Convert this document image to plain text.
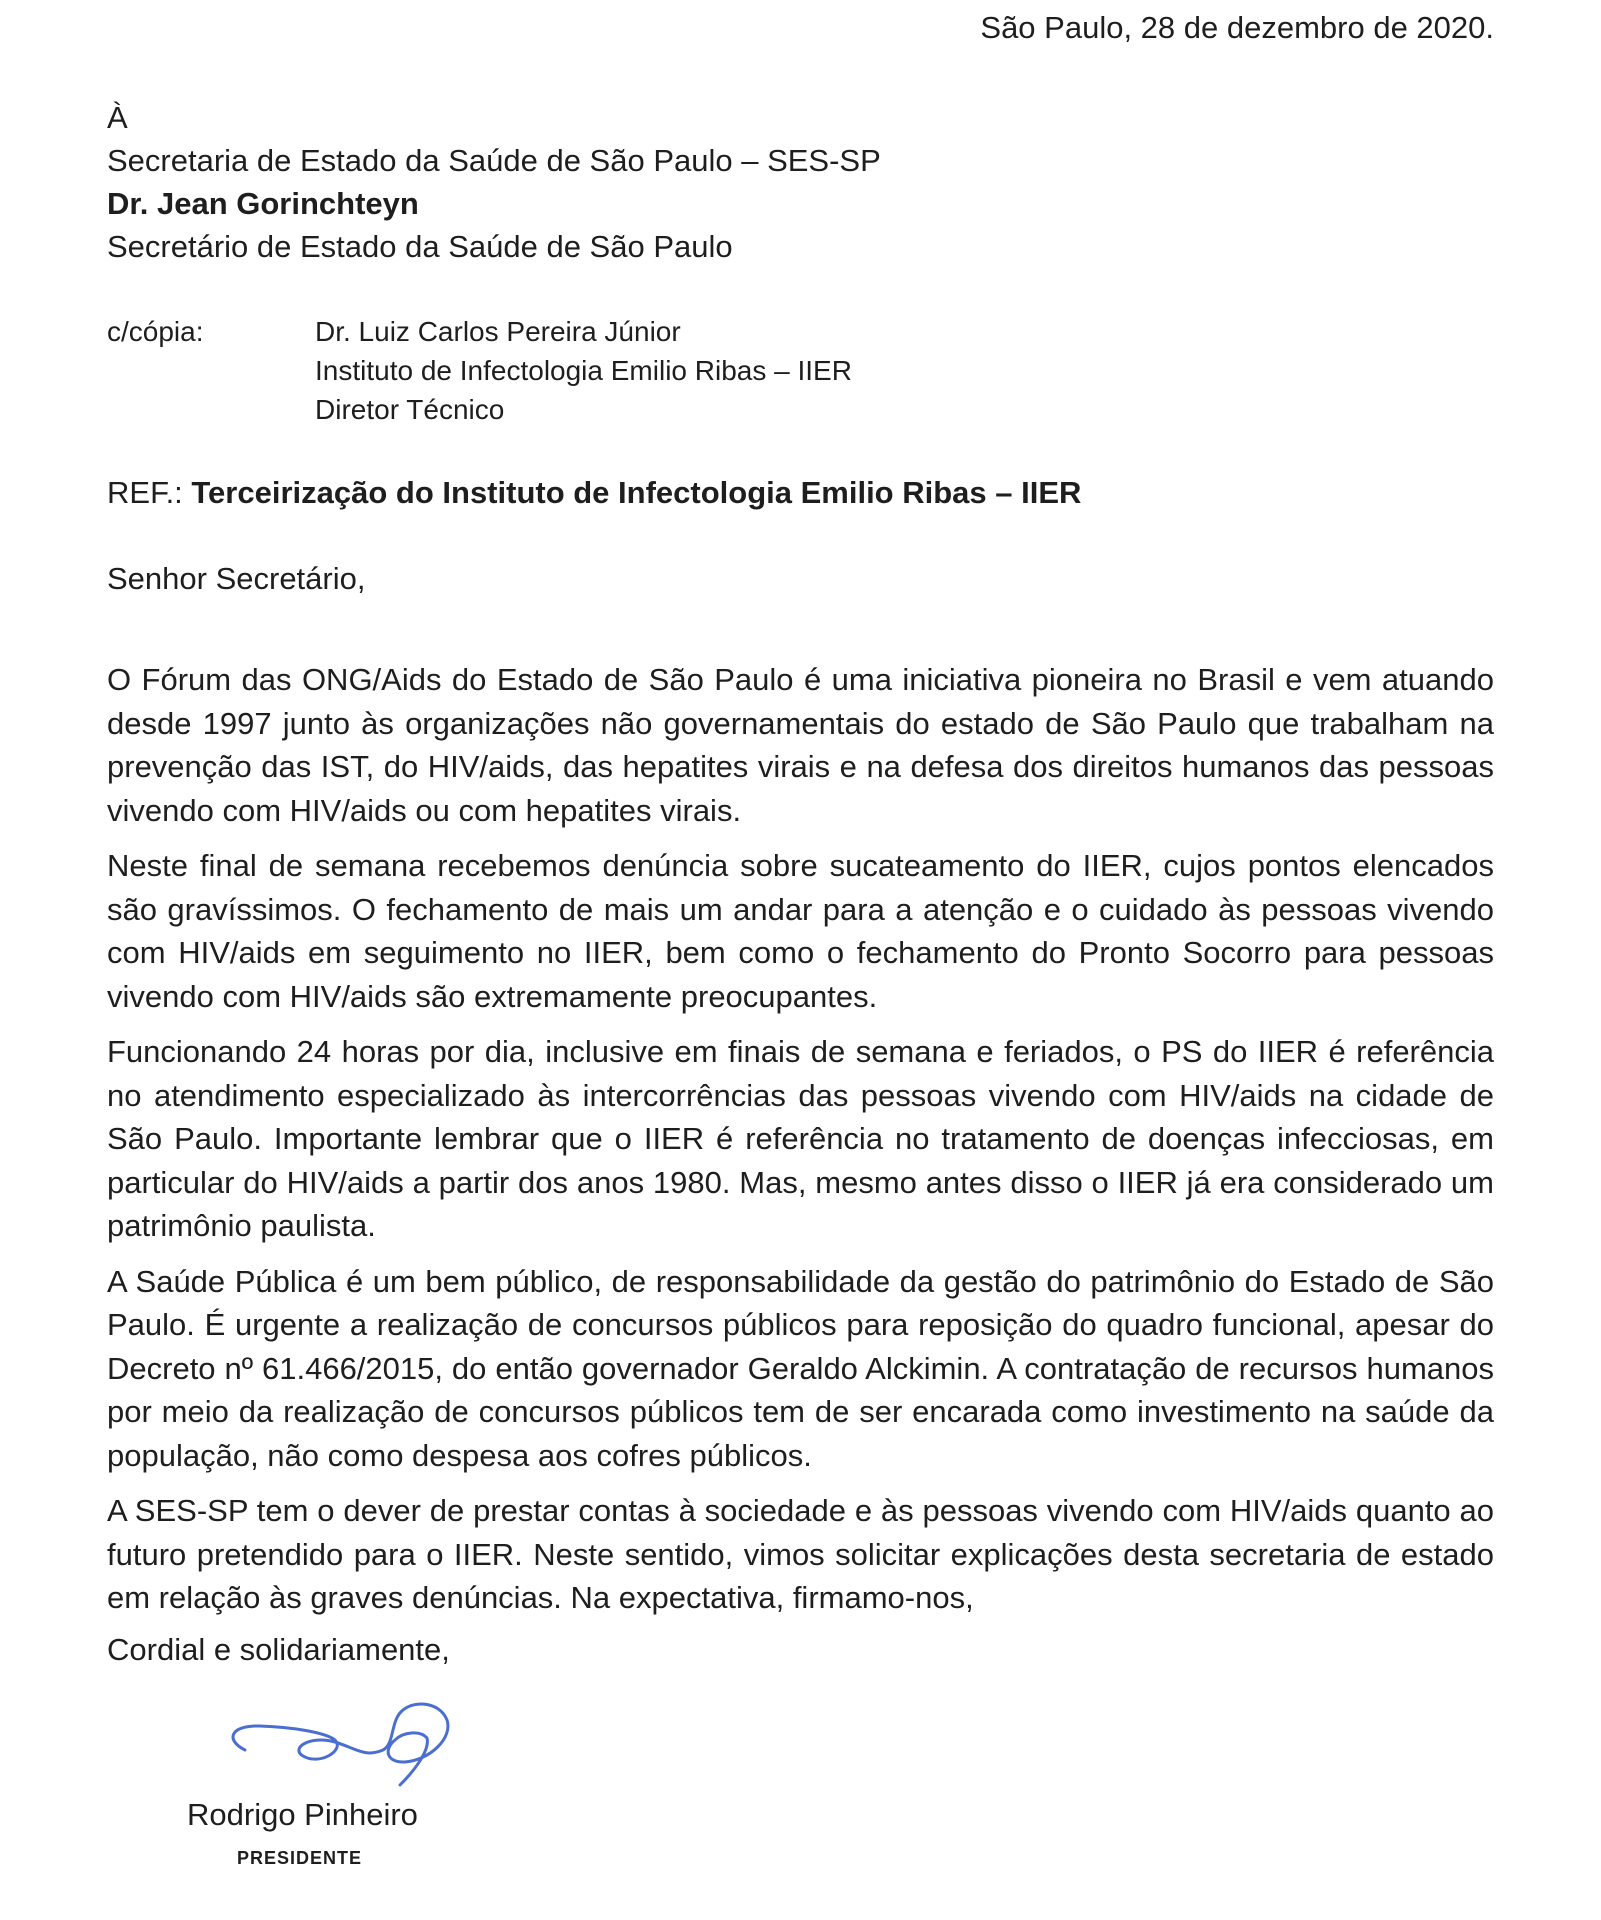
São Paulo, 28 de dezembro de 2020.
À
Secretaria de Estado da Saúde de São Paulo – SES-SP
Dr. Jean Gorinchteyn
Secretário de Estado da Saúde de São Paulo
c/cópia:	Dr. Luiz Carlos Pereira Júnior
Instituto de Infectologia Emilio Ribas – IIER
Diretor Técnico
REF.: Terceirização do Instituto de Infectologia Emilio Ribas – IIER
Senhor Secretário,

O Fórum das ONG/Aids do Estado de São Paulo é uma iniciativa pioneira no Brasil e vem atuando desde 1997 junto às organizações não governamentais do estado de São Paulo que trabalham na prevenção das IST, do HIV/aids, das hepatites virais e na defesa dos direitos humanos das pessoas vivendo com HIV/aids ou com hepatites virais.

Neste final de semana recebemos denúncia sobre sucateamento do IIER, cujos pontos elencados são gravíssimos. O fechamento de mais um andar para a atenção e o cuidado às pessoas vivendo com HIV/aids em seguimento no IIER, bem como o fechamento do Pronto Socorro para pessoas vivendo com HIV/aids são extremamente preocupantes.

Funcionando 24 horas por dia, inclusive em finais de semana e feriados, o PS do IIER é referência no atendimento especializado às intercorrências das pessoas vivendo com HIV/aids na cidade de São Paulo. Importante lembrar que o IIER é referência no tratamento de doenças infecciosas, em particular do HIV/aids a partir dos anos 1980. Mas, mesmo antes disso o IIER já era considerado um patrimônio paulista.

A Saúde Pública é um bem público, de responsabilidade da gestão do patrimônio do Estado de São Paulo. É urgente a realização de concursos públicos para reposição do quadro funcional, apesar do Decreto nº 61.466/2015, do então governador Geraldo Alckimin. A contratação de recursos humanos por meio da realização de concursos públicos tem de ser encarada como investimento na saúde da população, não como despesa aos cofres públicos.

A SES-SP tem o dever de prestar contas à sociedade e às pessoas vivendo com HIV/aids quanto ao futuro pretendido para o IIER. Neste sentido, vimos solicitar explicações desta secretaria de estado em relação às graves denúncias. Na expectativa, firmamo-nos,

Cordial e solidariamente,
Rodrigo Pinheiro
PRESIDENTE
